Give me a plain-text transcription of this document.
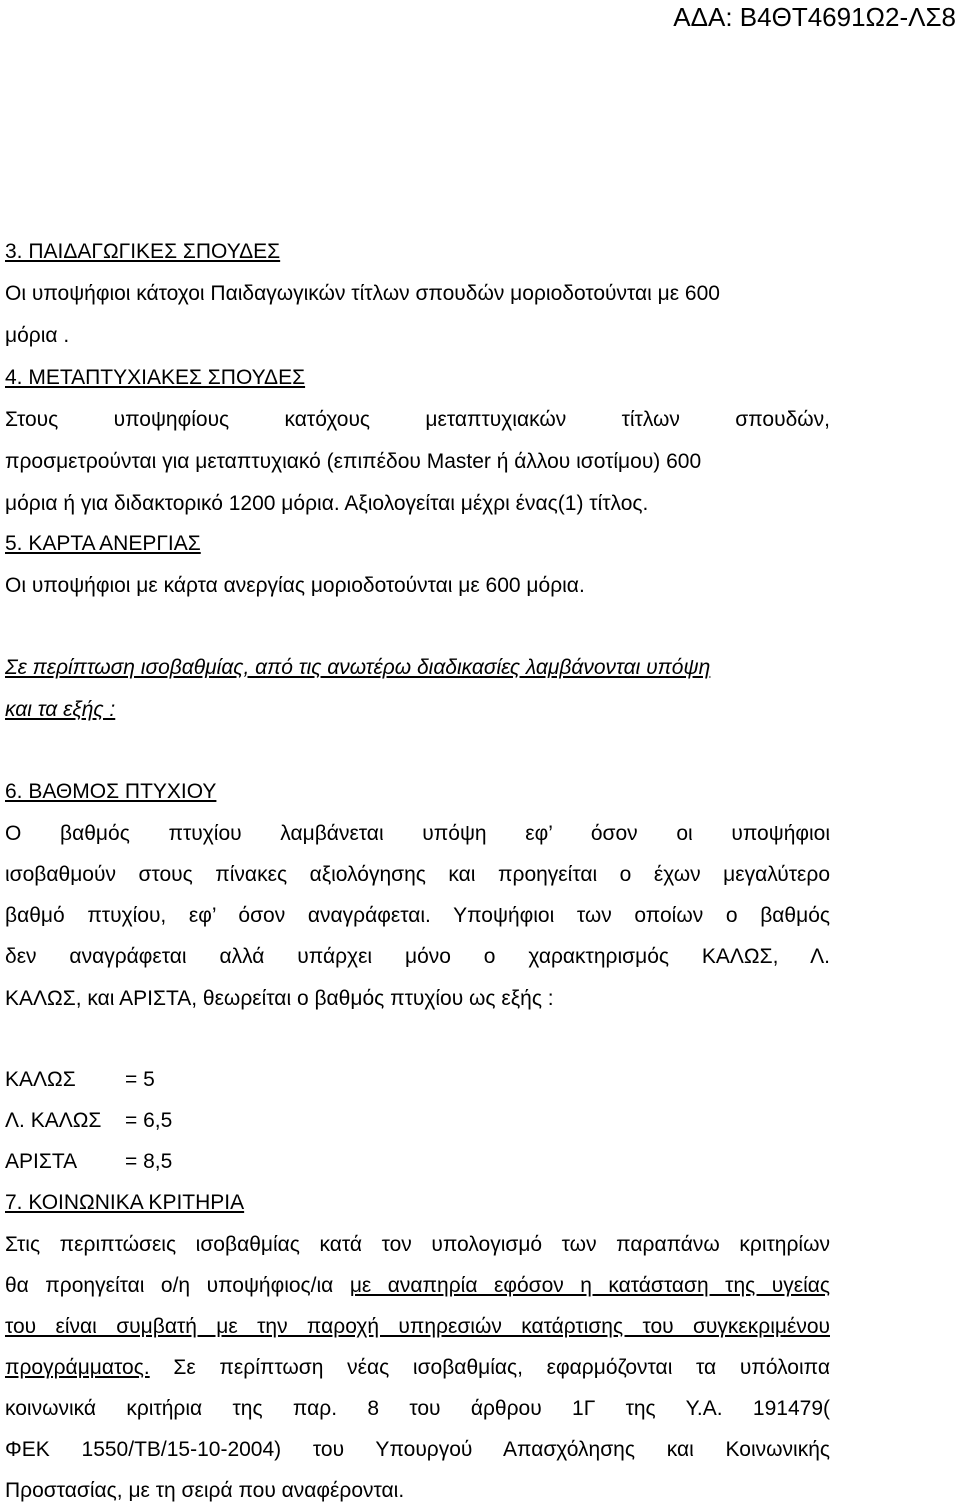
ΑΔΑ: Β4ΘΤ4691Ω2-ΛΣ8
3. ΠΑΙΔΑΓΩΓΙΚΕΣ ΣΠΟΥΔΕΣ
Οι υποψήφιοι κάτοχοι Παιδαγωγικών τίτλων σπουδών μοριοδοτούνται με 600
μόρια .
4. ΜΕΤΑΠΤΥΧΙΑΚΕΣ ΣΠΟΥΔΕΣ
Στους υποψηφίους κατόχους μεταπτυχιακών τίτλων σπουδών,
προσμετρούνται για μεταπτυχιακό (επιπέδου Master ή άλλου ισοτίμου) 600
μόρια ή για διδακτορικό 1200 μόρια. Αξιολογείται μέχρι ένας(1) τίτλος.
5. ΚΑΡΤΑ ΑΝΕΡΓΙΑΣ
Οι υποψήφιοι με κάρτα ανεργίας μοριοδοτούνται με 600 μόρια.
Σε περίπτωση ισοβαθμίας, από τις ανωτέρω διαδικασίες λαμβάνονται υπόψη
και τα εξής :
6. ΒΑΘΜΟΣ ΠΤΥΧΙΟΥ
Ο βαθμός πτυχίου λαμβάνεται υπόψη εφ’ όσον οι υποψήφιοι
ισοβαθμούν στους πίνακες αξιολόγησης και προηγείται ο έχων μεγαλύτερο
βαθμό πτυχίου, εφ’ όσον αναγράφεται. Υποψήφιοι των οποίων ο βαθμός
δεν αναγράφεται αλλά υπάρχει μόνο ο χαρακτηρισμός ΚΑΛΩΣ, Λ.
ΚΑΛΩΣ, και ΑΡΙΣΤΑ, θεωρείται ο βαθμός πτυχίου ως εξής :
ΚΑΛΩΣ = 5
Λ. ΚΑΛΩΣ = 6,5
ΑΡΙΣΤΑ = 8,5
7. ΚΟΙΝΩΝΙΚΑ ΚΡΙΤΗΡΙΑ
Στις περιπτώσεις ισοβαθμίας κατά τον υπολογισμό των παραπάνω κριτηρίων
θα προηγείται ο/η υποψήφιος/ια με αναπηρία εφόσον η κατάσταση της υγείας
του είναι συμβατή με την παροχή υπηρεσιών κατάρτισης του συγκεκριμένου
προγράμματος. Σε περίπτωση νέας ισοβαθμίας, εφαρμόζονται τα υπόλοιπα
κοινωνικά κριτήρια της παρ. 8 του άρθρου 1Γ της Υ.Α. 191479(
ΦΕΚ 1550/ΤΒ/15-10-2004) του Υπουργού Απασχόλησης και Κοινωνικής
Προστασίας, με τη σειρά που αναφέρονται.
